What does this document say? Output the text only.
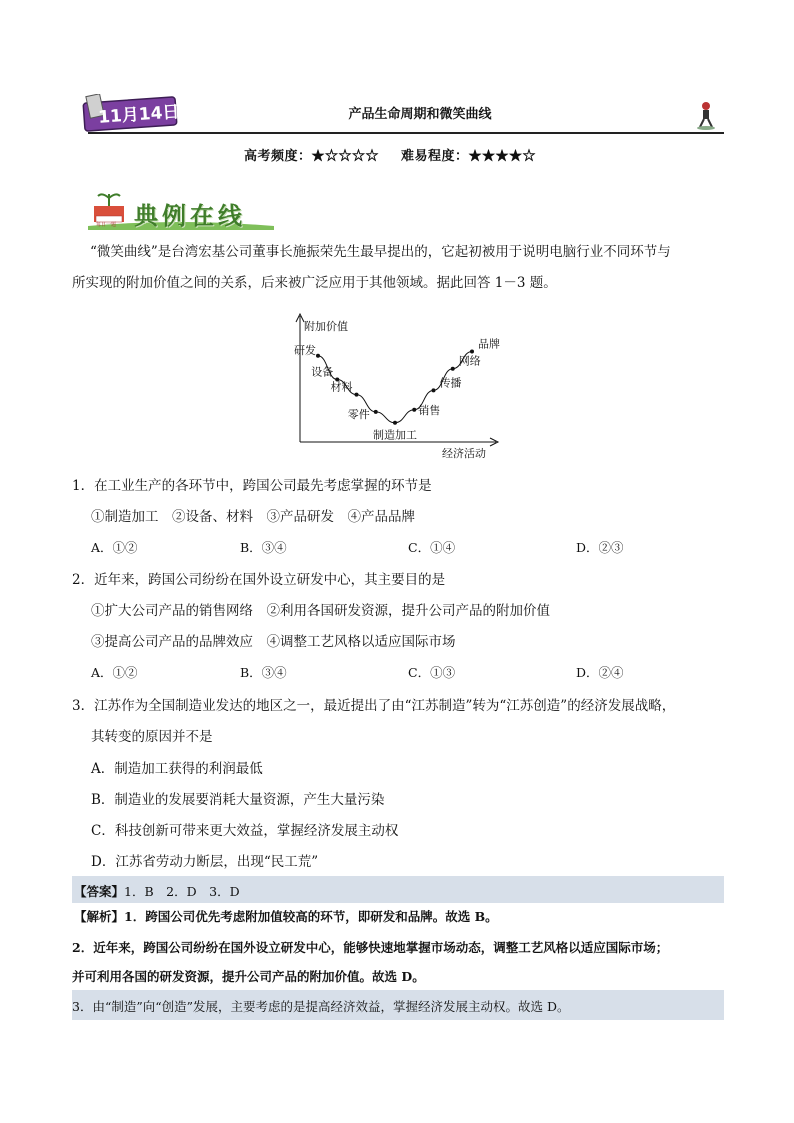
11月14日	产品生命周期和微笑曲线
高考频度：★☆☆☆☆ 难易程度：★★★★☆
每日一题 典例在线
“微笑曲线”是台湾宏基公司董事长施振荣先生最早提出的，它起初被用于说明电脑行业不同环节与
所实现的附加价值之间的关系，后来被广泛应用于其他领域。据此回答 1－3 题。
附加价值
经济活动
研发
设备
材料
零件
制造加工
销售
传播
网络
品牌
1．在工业生产的各环节中，跨国公司最先考虑掌握的环节是
①制造加工　②设备、材料　③产品研发　④产品品牌
A．①②	B．③④	C．①④	D．②③
2．近年来，跨国公司纷纷在国外设立研发中心，其主要目的是
①扩大公司产品的销售网络　②利用各国研发资源，提升公司产品的附加价值
③提高公司产品的品牌效应　④调整工艺风格以适应国际市场
A．①②	B．③④	C．①③	D．②④
3．江苏作为全国制造业发达的地区之一，最近提出了由“江苏制造”转为“江苏创造”的经济发展战略，
其转变的原因并不是
A．制造加工获得的利润最低
B．制造业的发展要消耗大量资源，产生大量污染
C．科技创新可带来更大效益，掌握经济发展主动权
D．江苏省劳动力断层，出现“民工荒”
【答案】1．B　2．D　3．D
【解析】1．跨国公司优先考虑附加值较高的环节，即研发和品牌。故选 B。
2．近年来，跨国公司纷纷在国外设立研发中心，能够快速地掌握市场动态，调整工艺风格以适应国际市场；
并可利用各国的研发资源，提升公司产品的附加价值。故选 D。
3．由“制造”向“创造”发展，主要考虑的是提高经济效益，掌握经济发展主动权。故选 D。
